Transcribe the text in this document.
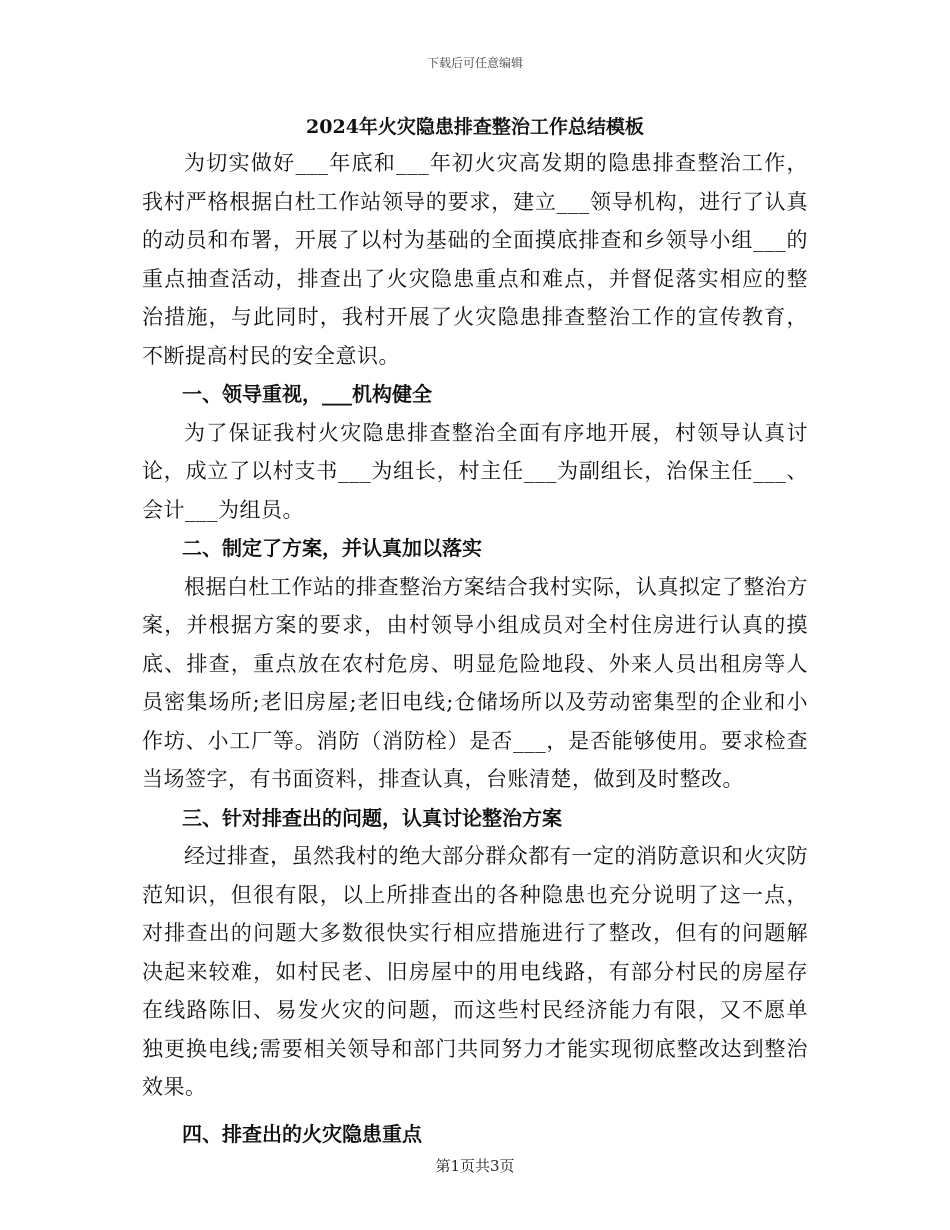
下载后可任意编辑
2024年火灾隐患排查整治工作总结模板

为切实做好___年底和___年初火灾高发期的隐患排查整治工作，我村严格根据白杜工作站领导的要求，建立___领导机构，进行了认真的动员和布署，开展了以村为基础的全面摸底排查和乡领导小组___的重点抽查活动，排查出了火灾隐患重点和难点，并督促落实相应的整治措施，与此同时，我村开展了火灾隐患排查整治工作的宣传教育，不断提高村民的安全意识。

一、领导重视，___机构健全

为了保证我村火灾隐患排查整治全面有序地开展，村领导认真讨论，成立了以村支书___为组长，村主任___为副组长，治保主任___、会计___为组员。

二、制定了方案，并认真加以落实

根据白杜工作站的排查整治方案结合我村实际，认真拟定了整治方案，并根据方案的要求，由村领导小组成员对全村住房进行认真的摸底、排查，重点放在农村危房、明显危险地段、外来人员出租房等人员密集场所;老旧房屋;老旧电线;仓储场所以及劳动密集型的企业和小作坊、小工厂等。消防（消防栓）是否___，是否能够使用。要求检查当场签字，有书面资料，排查认真，台账清楚，做到及时整改。

三、针对排查出的问题，认真讨论整治方案

经过排查，虽然我村的绝大部分群众都有一定的消防意识和火灾防范知识，但很有限，以上所排查出的各种隐患也充分说明了这一点，对排查出的问题大多数很快实行相应措施进行了整改，但有的问题解决起来较难，如村民老、旧房屋中的用电线路，有部分村民的房屋存在线路陈旧、易发火灾的问题，而这些村民经济能力有限，又不愿单独更换电线;需要相关领导和部门共同努力才能实现彻底整改达到整治效果。

四、排查出的火灾隐患重点
第1页共3页
